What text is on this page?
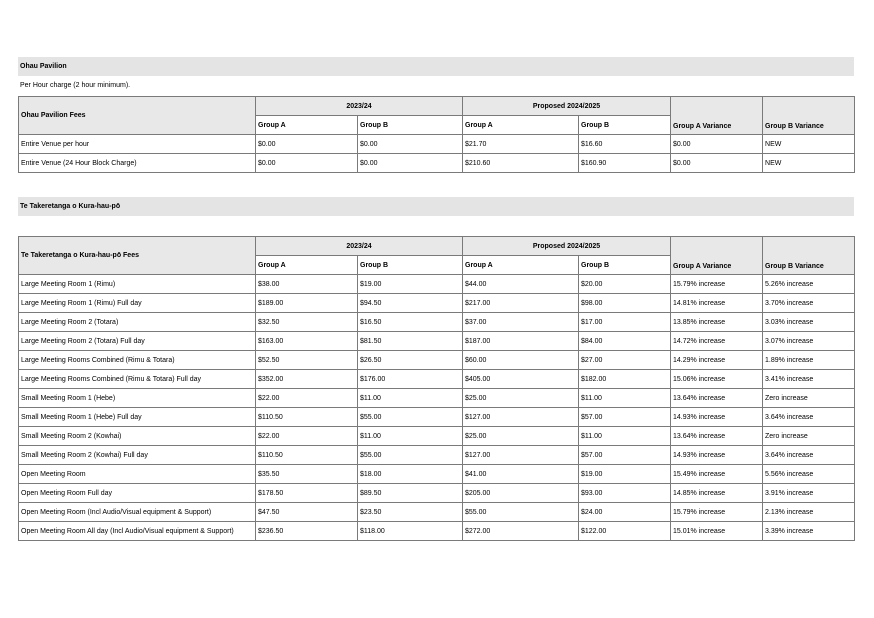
Ohau Pavilion
Per Hour charge (2 hour minimum).
Ohau Pavilion Fees	2023/24		Proposed 2024/2025		Group A Variance	Group B Variance
	Group A	Group B	Group A	Group B		
Entire Venue per hour	$0.00	$0.00	$21.70	$16.60	$0.00	NEW
Entire Venue (24 Hour Block Charge)	$0.00	$0.00	$210.60	$160.90	$0.00	NEW
Te Takeretanga o Kura-hau-pō
Te Takeretanga o Kura-hau-pō Fees	2023/24		Proposed 2024/2025		Group A Variance	Group B Variance
	Group A	Group B	Group A	Group B		
Large Meeting Room 1 (Rimu)	$38.00	$19.00	$44.00	$20.00	15.79% increase	5.26% increase
Large Meeting Room 1 (Rimu) Full day	$189.00	$94.50	$217.00	$98.00	14.81% increase	3.70% increase
Large Meeting Room 2 (Totara)	$32.50	$16.50	$37.00	$17.00	13.85% increase	3.03% increase
Large Meeting Room 2 (Totara) Full day	$163.00	$81.50	$187.00	$84.00	14.72% increase	3.07% increase
Large Meeting Rooms Combined (Rimu & Totara)	$52.50	$26.50	$60.00	$27.00	14.29% increase	1.89% increase
Large Meeting Rooms Combined (Rimu & Totara) Full day	$352.00	$176.00	$405.00	$182.00	15.06% increase	3.41% increase
Small Meeting Room 1 (Hebe)	$22.00	$11.00	$25.00	$11.00	13.64% increase	Zero increase
Small Meeting Room 1 (Hebe) Full day	$110.50	$55.00	$127.00	$57.00	14.93% increase	3.64% increase
Small Meeting Room 2 (Kowhai)	$22.00	$11.00	$25.00	$11.00	13.64% increase	Zero increase
Small Meeting Room 2 (Kowhai) Full day	$110.50	$55.00	$127.00	$57.00	14.93% increase	3.64% increase
Open Meeting Room	$35.50	$18.00	$41.00	$19.00	15.49% increase	5.56% increase
Open Meeting Room Full day	$178.50	$89.50	$205.00	$93.00	14.85% increase	3.91% increase
Open Meeting Room (Incl Audio/Visual equipment & Support)	$47.50	$23.50	$55.00	$24.00	15.79% increase	2.13% increase
Open Meeting Room All day (Incl Audio/Visual equipment & Support)	$236.50	$118.00	$272.00	$122.00	15.01% increase	3.39% increase
